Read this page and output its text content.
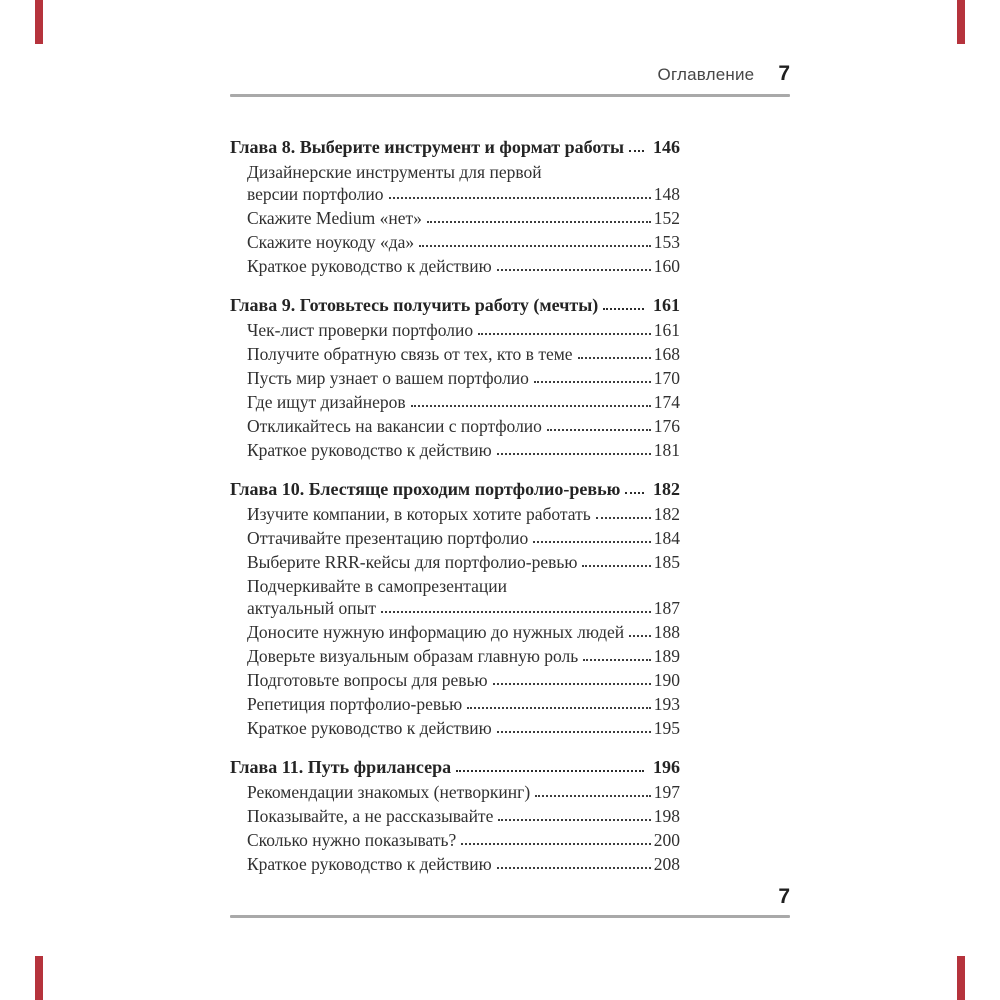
Оглавление 7
Глава 8. Выберите инструмент и формат работы 146
Дизайнерские инструменты для первой
версии портфолио	148
Скажите Medium «нет»	152
Скажите ноукоду «да»	153
Краткое руководство к действию	160
Глава 9. Готовьтесь получить работу (мечты)	161
Чек-лист проверки портфолио	161
Получите обратную связь от тех, кто в теме	168
Пусть мир узнает о вашем портфолио	170
Где ищут дизайнеров	174
Откликайтесь на вакансии с портфолио	176
Краткое руководство к действию	181
Глава 10. Блестяще проходим портфолио-ревью 182
Изучите компании, в которых хотите работать	182
Оттачивайте презентацию портфолио	184
Выберите RRR-кейсы для портфолио-ревью	185
Подчеркивайте в самопрезентации
актуальный опыт	187
Доносите нужную информацию до нужных людей 188
Доверьте визуальным образам главную роль	189
Подготовьте вопросы для ревью	190
Репетиция портфолио-ревью	193
Краткое руководство к действию	195
Глава 11. Путь фрилансера	196
Рекомендации знакомых (нетворкинг)	197
Показывайте, а не рассказывайте	198
Сколько нужно показывать?	200
Краткое руководство к действию	208
7
